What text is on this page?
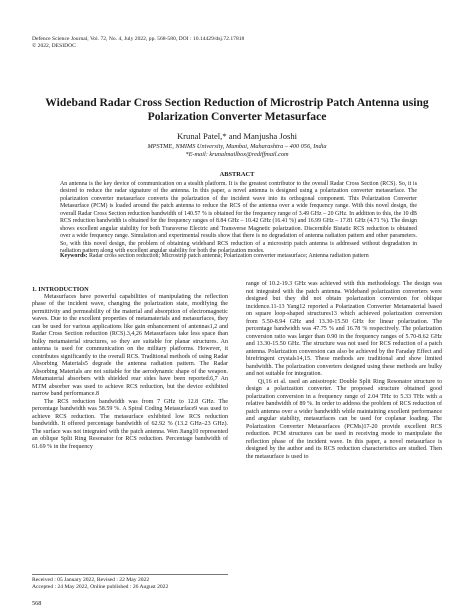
Defence Science Journal, Vol. 72, No. 4, July 2022, pp. 568-580, DOI : 10.14429/dsj.72.17818
© 2022, DESIDOC
Wideband Radar Cross Section Reduction of Microstrip Patch Antenna using
Polarization Converter Metasurface
Krunal Patel,* and Manjusha Joshi
MPSTME, NMIMS University, Mumbai, Maharashtra – 400 056, India
*E-mail: krunalmailbox@rediffmail.com
ABSTRACT

An antenna is the key device of communication on a stealth platform. It is the greatest contributor to the overall Radar Cross Section (RCS). So, it is desired to reduce the radar signature of the antenna. In this paper, a novel antenna is designed using a polarization converter metasurface. The polarization converter metasurface converts the polarization of the incident wave into its orthogonal component. This Polarization Converter Metasurface (PCM) is loaded around the patch antenna to reduce the RCS of the antenna over a wide frequency range. With this novel design, the overall Radar Cross Section reduction bandwidth of 140.57 % is obtained for the frequency range of 3.49 GHz – 20 GHz. In addition to this, the 10 dB RCS reduction bandwidth is obtained for the frequency ranges of 8.84 GHz – 10.42 GHz (16.41 %) and 16.99 GHz – 17.81 GHz (4.71 %). The design shows excellent angular stability for both Transverse Electric and Transverse Magnetic polarization. Discernible Bistatic RCS reduction is obtained over a wide frequency range. Simulation and experimental results show that there is no degradation of antenna radiation pattern and other parameters. So, with this novel design, the problem of obtaining wideband RCS reduction of a microstrip patch antenna is addressed without degradation in radiation pattern along with excellent angular stability for both the polarization modes.

Keywords: Radar cross section reduction; Microstrip patch antenna; Polarization converter metasurface; Antenna radiation pattern

1. INTRODUCTION

Metasurfaces have powerful capabilities of manipulating the reflection phase of the incident wave, changing the polarization state, modifying the permittivity and permeability of the material and absorption of electromagnetic waves. Due to the excellent properties of metamaterials and metasurfaces, they can be used for various applications like gain enhancement of antennas1,2 and Radar Cross Section reduction (RCS).3,4,26 Metasurfaces take less space than bulky metamaterial structures, so they are suitable for planar structures. An antenna is used for communication on the military platforms. However, it contributes significantly to the overall RCS. Traditional methods of using Radar Absorbing Materials5 degrade the antenna radiation pattern. The Radar Absorbing Materials are not suitable for the aerodynamic shape of the weapon. Metamaterial absorbers with shielded rear sides have been reported.6,7 An MTM absorber was used to achieve RCS reduction, but the device exhibited narrow band performance.8

The RCS reduction bandwidth was from 7 GHz to 12.8 GHz. The percentage bandwidth was 58.59 %. A Spiral Coding Metasurface9 was used to achieve RCS reduction. The metasurface exhibited low RCS reduction bandwidth. It offered percentage bandwidth of 62.92 % (13.2 GHz–23 GHz). The surface was not integrated with the patch antenna. Wen Jiang10 represented an oblique Split Ring Resonator for RCS reduction. Percentage bandwidth of 61.69 % in the frequency

range of 10.2-19.3 GHz was achieved with this methodology. The design was not integrated with the patch antenna. Wideband polarization converters were designed but they did not obtain polarization conversion for oblique incidence.11-13 Yang12 reported a Polarization Converter Metamaterial based on square loop-shaped structures13 which achieved polarization conversion from 5.50-8.94 GHz and 13.30-15.50 GHz for linear polarization. The percentage bandwidth was 47.75 % and 16.78 % respectively. The polarization conversion ratio was larger than 0.90 in the frequency ranges of 5.70-8.62 GHz and 13.30-15.50 GHz. The structure was not used for RCS reduction of a patch antenna. Polarization conversion can also be achieved by the Faraday Effect and birefringent crystals14,15. These methods are traditional and show limited bandwidth. The polarization converters designed using these methods are bulky and not suitable for integration.

Qi,16 et al. used an anisotropic Double Split Ring Resonator structure to design a polarization converter. The proposed structure obtained good polarization conversion in a frequency range of 2.04 THz to 5.33 THz with a relative bandwidth of 89 %. In order to address the problem of RCS reduction of patch antenna over a wider bandwidth while maintaining excellent performance and angular stability, metasurfaces can be used for coplanar loading. The Polarization Converter Metasurfaces (PCMs)17-20 provide excellent RCS reduction. PCM structures can be used in receiving mode to manipulate the reflection phase of the incident wave. In this paper, a novel metasurface is designed by the author and its RCS reduction characteristics are studied. Then the metasurface is used to

Received : 05 January 2022, Revised : 22 May 2022
Accepted : 24 May 2022, Online published : 26 August 2022
568
